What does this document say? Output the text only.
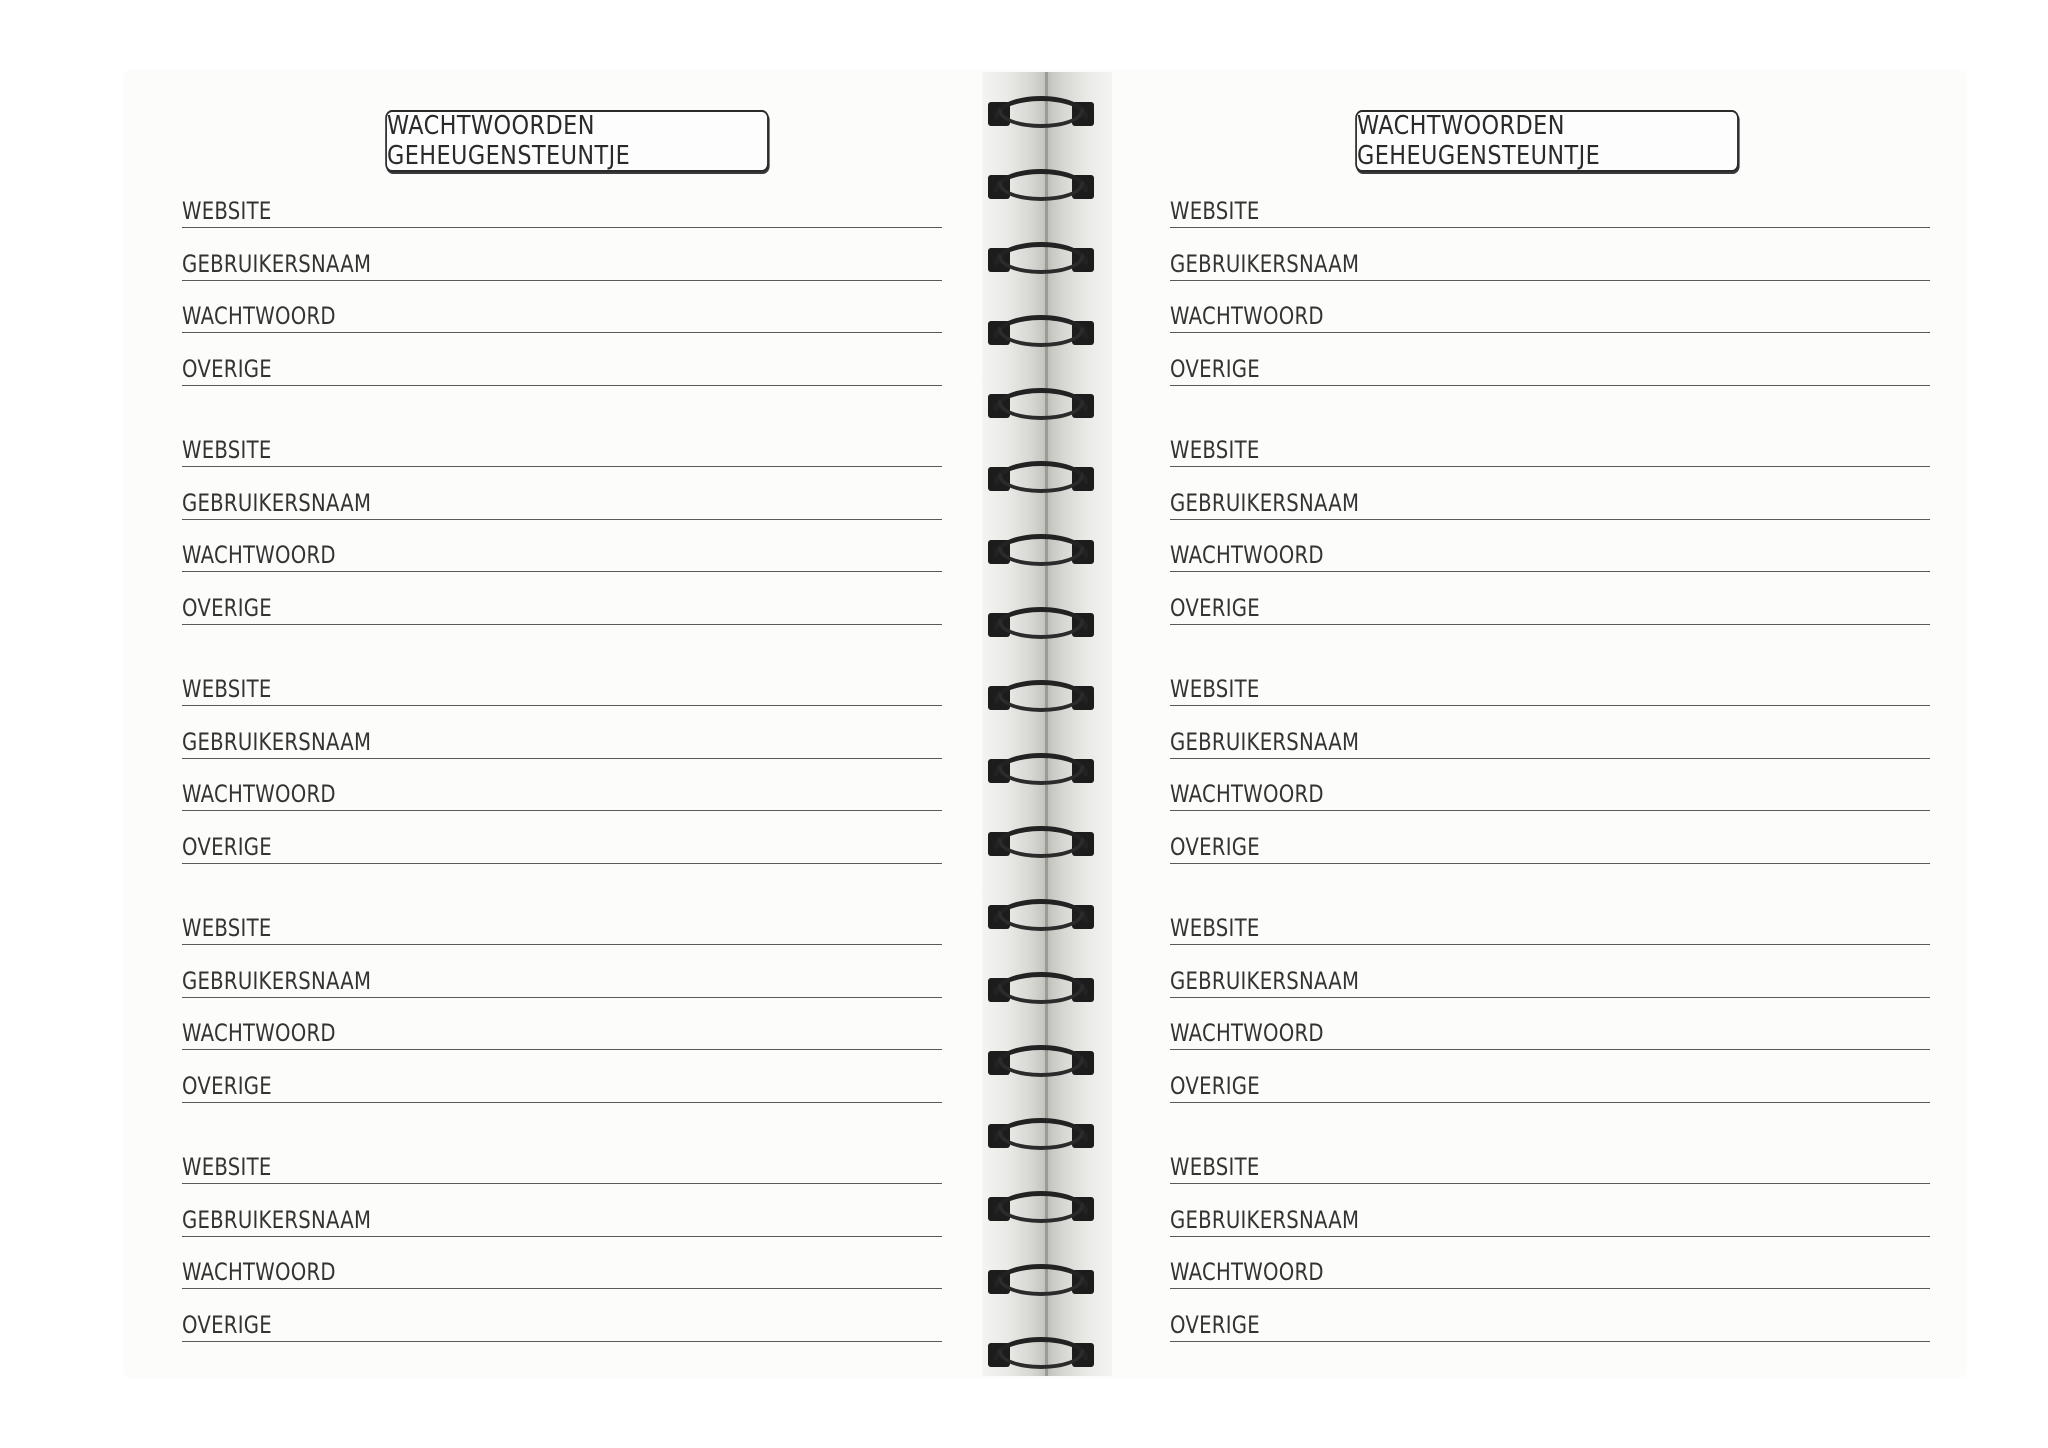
WACHTWOORDEN GEHEUGENSTEUNTJE
WEBSITE
GEBRUIKERSNAAM
WACHTWOORD
OVERIGE
WEBSITE
GEBRUIKERSNAAM
WACHTWOORD
OVERIGE
WEBSITE
GEBRUIKERSNAAM
WACHTWOORD
OVERIGE
WEBSITE
GEBRUIKERSNAAM
WACHTWOORD
OVERIGE
WEBSITE
GEBRUIKERSNAAM
WACHTWOORD
OVERIGE
WACHTWOORDEN GEHEUGENSTEUNTJE
WEBSITE
GEBRUIKERSNAAM
WACHTWOORD
OVERIGE
WEBSITE
GEBRUIKERSNAAM
WACHTWOORD
OVERIGE
WEBSITE
GEBRUIKERSNAAM
WACHTWOORD
OVERIGE
WEBSITE
GEBRUIKERSNAAM
WACHTWOORD
OVERIGE
WEBSITE
GEBRUIKERSNAAM
WACHTWOORD
OVERIGE
